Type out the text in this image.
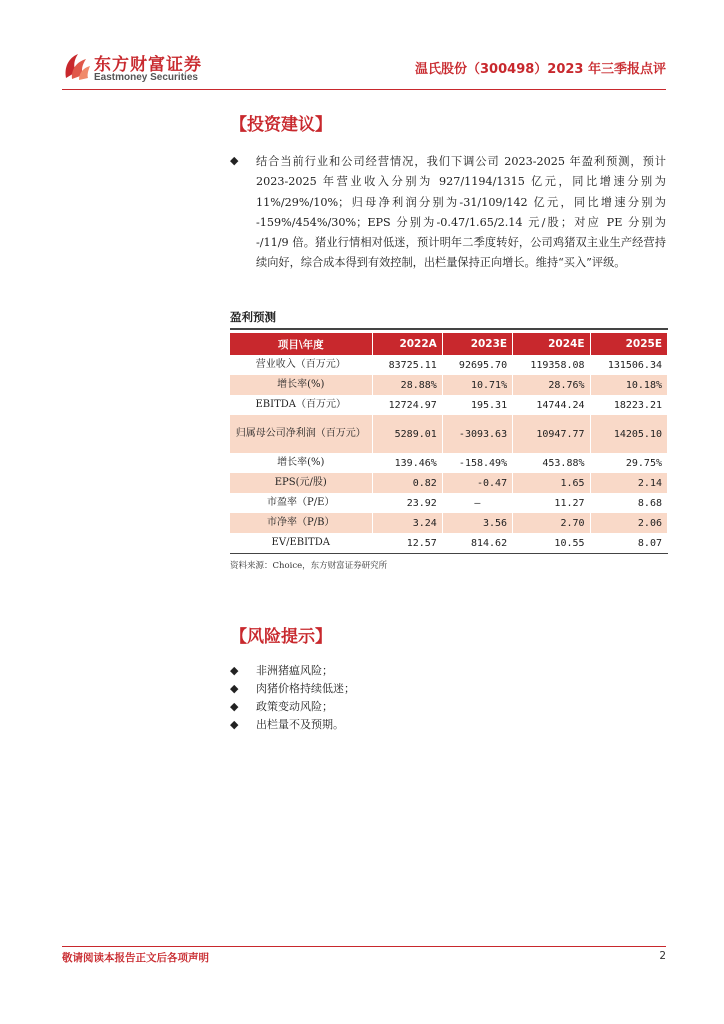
东方财富证券
Eastmoney Securities
温氏股份（300498）2023 年三季报点评
【投资建议】
◆ 结合当前行业和公司经营情况，我们下调公司 2023-2025 年盈利预测，预计 2023-2025 年营业收入分别为 927/1194/1315 亿元，同比增速分别为 11%/29%/10%；归母净利润分别为-31/109/142 亿元，同比增速分别为 -159%/454%/30%；EPS 分别为-0.47/1.65/2.14 元/股；对应 PE 分别为 -/11/9 倍。猪业行情相对低迷，预计明年二季度转好，公司鸡猪双主业生产经营持续向好，综合成本得到有效控制，出栏量保持正向增长。维持“买入”评级。

盈利预测
项目\年度	2022A	2023E	2024E	2025E
营业收入（百万元）	83725.11	92695.70	119358.08	131506.34
增长率(%)	28.88%	10.71%	28.76%	10.18%
EBITDA（百万元）	12724.97	195.31	14744.24	18223.21
归属母公司净利润（百万元）	5289.01	-3093.63	10947.77	14205.10
增长率(%)	139.46%	-158.49%	453.88%	29.75%
EPS(元/股)	0.82	-0.47	1.65	2.14
市盈率（P/E）	23.92	—	11.27	8.68
市净率（P/B）	3.24	3.56	2.70	2.06
EV/EBITDA	12.57	814.62	10.55	8.07
资料来源：Choice，东方财富证券研究所
【风险提示】
◆ 非洲猪瘟风险；
◆ 肉猪价格持续低迷；
◆ 政策变动风险；
◆ 出栏量不及预期。
敬请阅读本报告正文后各项声明	2
